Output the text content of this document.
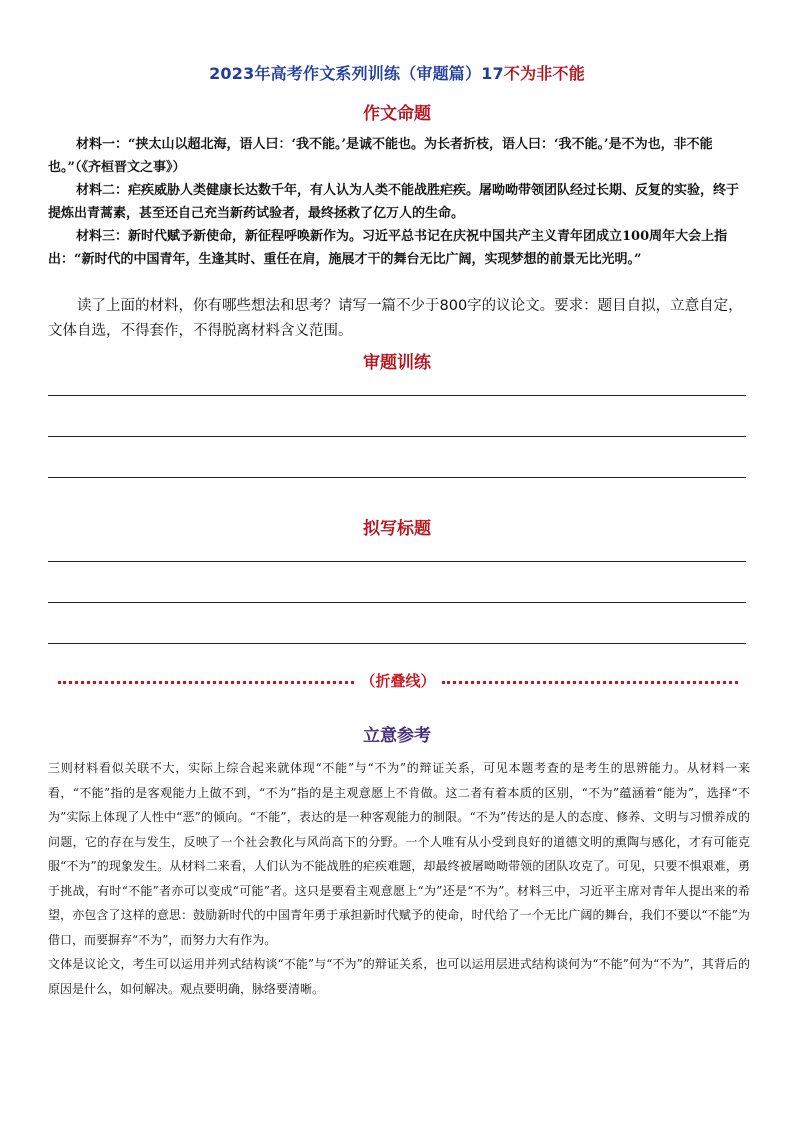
2023年高考作文系列训练（审题篇）17不为非不能
作文命题

材料一：“挟太山以超北海，语人曰：‘我不能。’是诚不能也。为长者折枝，语人曰：‘我不能。’是不为也，非不能也。”（《齐桓晋文之事》）

材料二：疟疾威胁人类健康长达数千年，有人认为人类不能战胜疟疾。屠呦呦带领团队经过长期、反复的实验，终于提炼出青蒿素，甚至还自己充当新药试验者，最终拯救了亿万人的生命。

材料三：新时代赋予新使命，新征程呼唤新作为。习近平总书记在庆祝中国共产主义青年团成立100周年大会上指出：“新时代的中国青年，生逢其时、重任在肩，施展才干的舞台无比广阔，实现梦想的前景无比光明。”

读了上面的材料，你有哪些想法和思考？请写一篇不少于800字的议论文。要求：题目自拟，立意自定，文体自选，不得套作，不得脱离材料含义范围。

审题训练
拟写标题
（折叠线）
立意参考

三则材料看似关联不大，实际上综合起来就体现“不能”与“不为”的辩证关系，可见本题考查的是考生的思辨能力。从材料一来看，“不能”指的是客观能力上做不到，“不为”指的是主观意愿上不肯做。这二者有着本质的区别，“不为”蕴涵着“能为”，选择“不为”实际上体现了人性中“恶”的倾向。“不能”，表达的是一种客观能力的制限。“不为”传达的是人的态度、修养、文明与习惯养成的问题，它的存在与发生，反映了一个社会教化与风尚高下的分野。一个人唯有从小受到良好的道德文明的熏陶与感化，才有可能克服“不为”的现象发生。从材料二来看，人们认为不能战胜的疟疾难题，却最终被屠呦呦带领的团队攻克了。可见，只要不惧艰难，勇于挑战，有时“不能”者亦可以变成“可能”者。这只是要看主观意愿上“为”还是“不为”。材料三中，习近平主席对青年人提出来的希望，亦包含了这样的意思：鼓励新时代的中国青年勇于承担新时代赋予的使命，时代给了一个无比广阔的舞台，我们不要以“不能”为借口，而要摒弃“不为”，而努力大有作为。

文体是议论文，考生可以运用并列式结构谈“不能”与“不为”的辩证关系，也可以运用层进式结构谈何为“不能”何为“不为”，其背后的原因是什么，如何解决。观点要明确，脉络要清晰。
